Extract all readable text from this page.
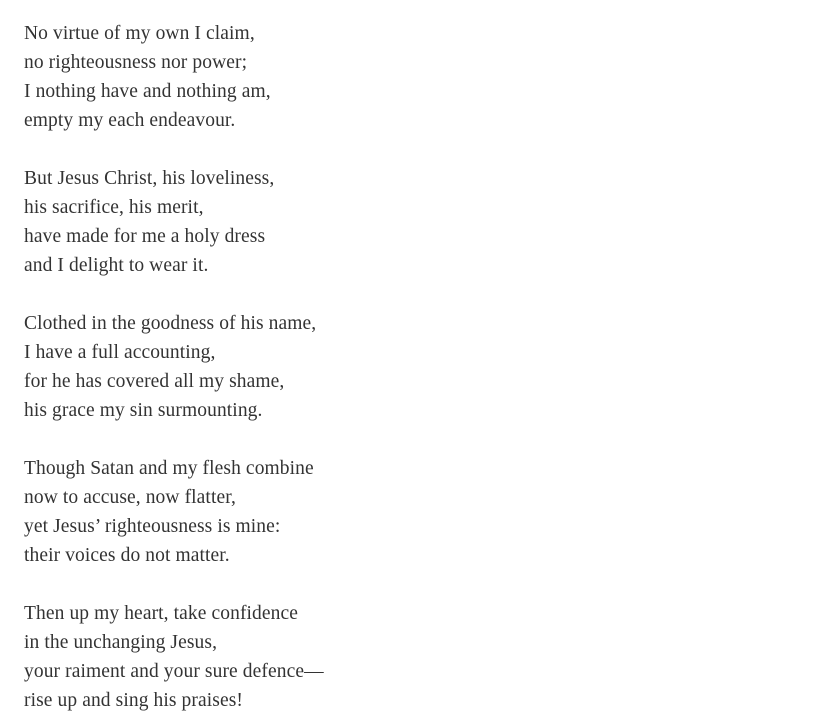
No virtue of my own I claim,
no righteousness nor power;
I nothing have and nothing am,
empty my each endeavour.
But Jesus Christ, his loveliness,
his sacrifice, his merit,
have made for me a holy dress
and I delight to wear it.
Clothed in the goodness of his name,
I have a full accounting,
for he has covered all my shame,
his grace my sin surmounting.
Though Satan and my flesh combine
now to accuse, now flatter,
yet Jesus’ righteousness is mine:
their voices do not matter.
Then up my heart, take confidence
in the unchanging Jesus,
your raiment and your sure defence—
rise up and sing his praises!
